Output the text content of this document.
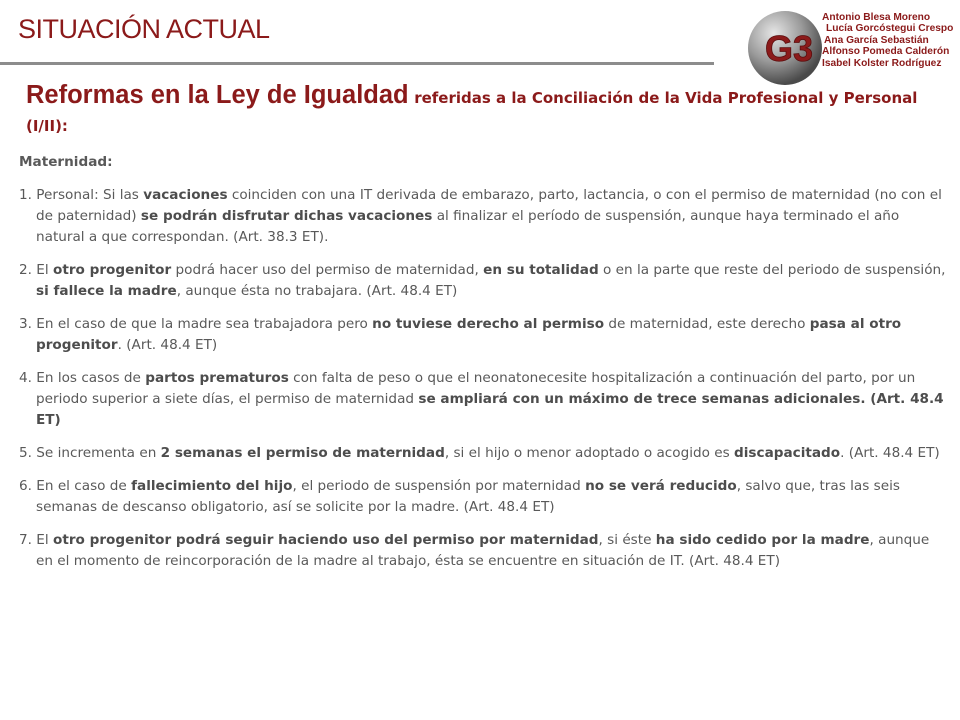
SITUACIÓN ACTUAL	G3
Antonio Blesa Moreno
Lucía Gorcóstegui Crespo
Ana García Sebastián
Alfonso Pomeda Calderón
Isabel Kolster Rodríguez
Reformas en la Ley de Igualdad referidas a la Conciliación de la Vida Profesional y Personal (I/II):
Maternidad:
1. Personal: Si las vacaciones coinciden con una IT derivada de embarazo, parto, lactancia, o con el permiso de maternidad (no con el de paternidad) se podrán disfrutar dichas vacaciones al finalizar el período de suspensión, aunque haya terminado el año natural a que correspondan. (Art. 38.3 ET).
2. El otro progenitor podrá hacer uso del permiso de maternidad, en su totalidad o en la parte que reste del periodo de suspensión, si fallece la madre, aunque ésta no trabajara. (Art. 48.4 ET)
3. En el caso de que la madre sea trabajadora pero no tuviese derecho al permiso de maternidad, este derecho pasa al otro progenitor. (Art. 48.4 ET)
4. En los casos de partos prematuros con falta de peso o que el neonatonecesite hospitalización a continuación del parto, por un periodo superior a siete días, el permiso de maternidad se ampliará con un máximo de trece semanas adicionales. (Art. 48.4 ET)
5. Se incrementa en 2 semanas el permiso de maternidad, si el hijo o menor adoptado o acogido es discapacitado. (Art. 48.4 ET)
6. En el caso de fallecimiento del hijo, el periodo de suspensión por maternidad no se verá reducido, salvo que, tras las seis semanas de descanso obligatorio, así se solicite por la madre. (Art. 48.4 ET)
7. El otro progenitor podrá seguir haciendo uso del permiso por maternidad, si éste ha sido cedido por la madre, aunque en el momento de reincorporación de la madre al trabajo, ésta se encuentre en situación de IT. (Art. 48.4 ET)
